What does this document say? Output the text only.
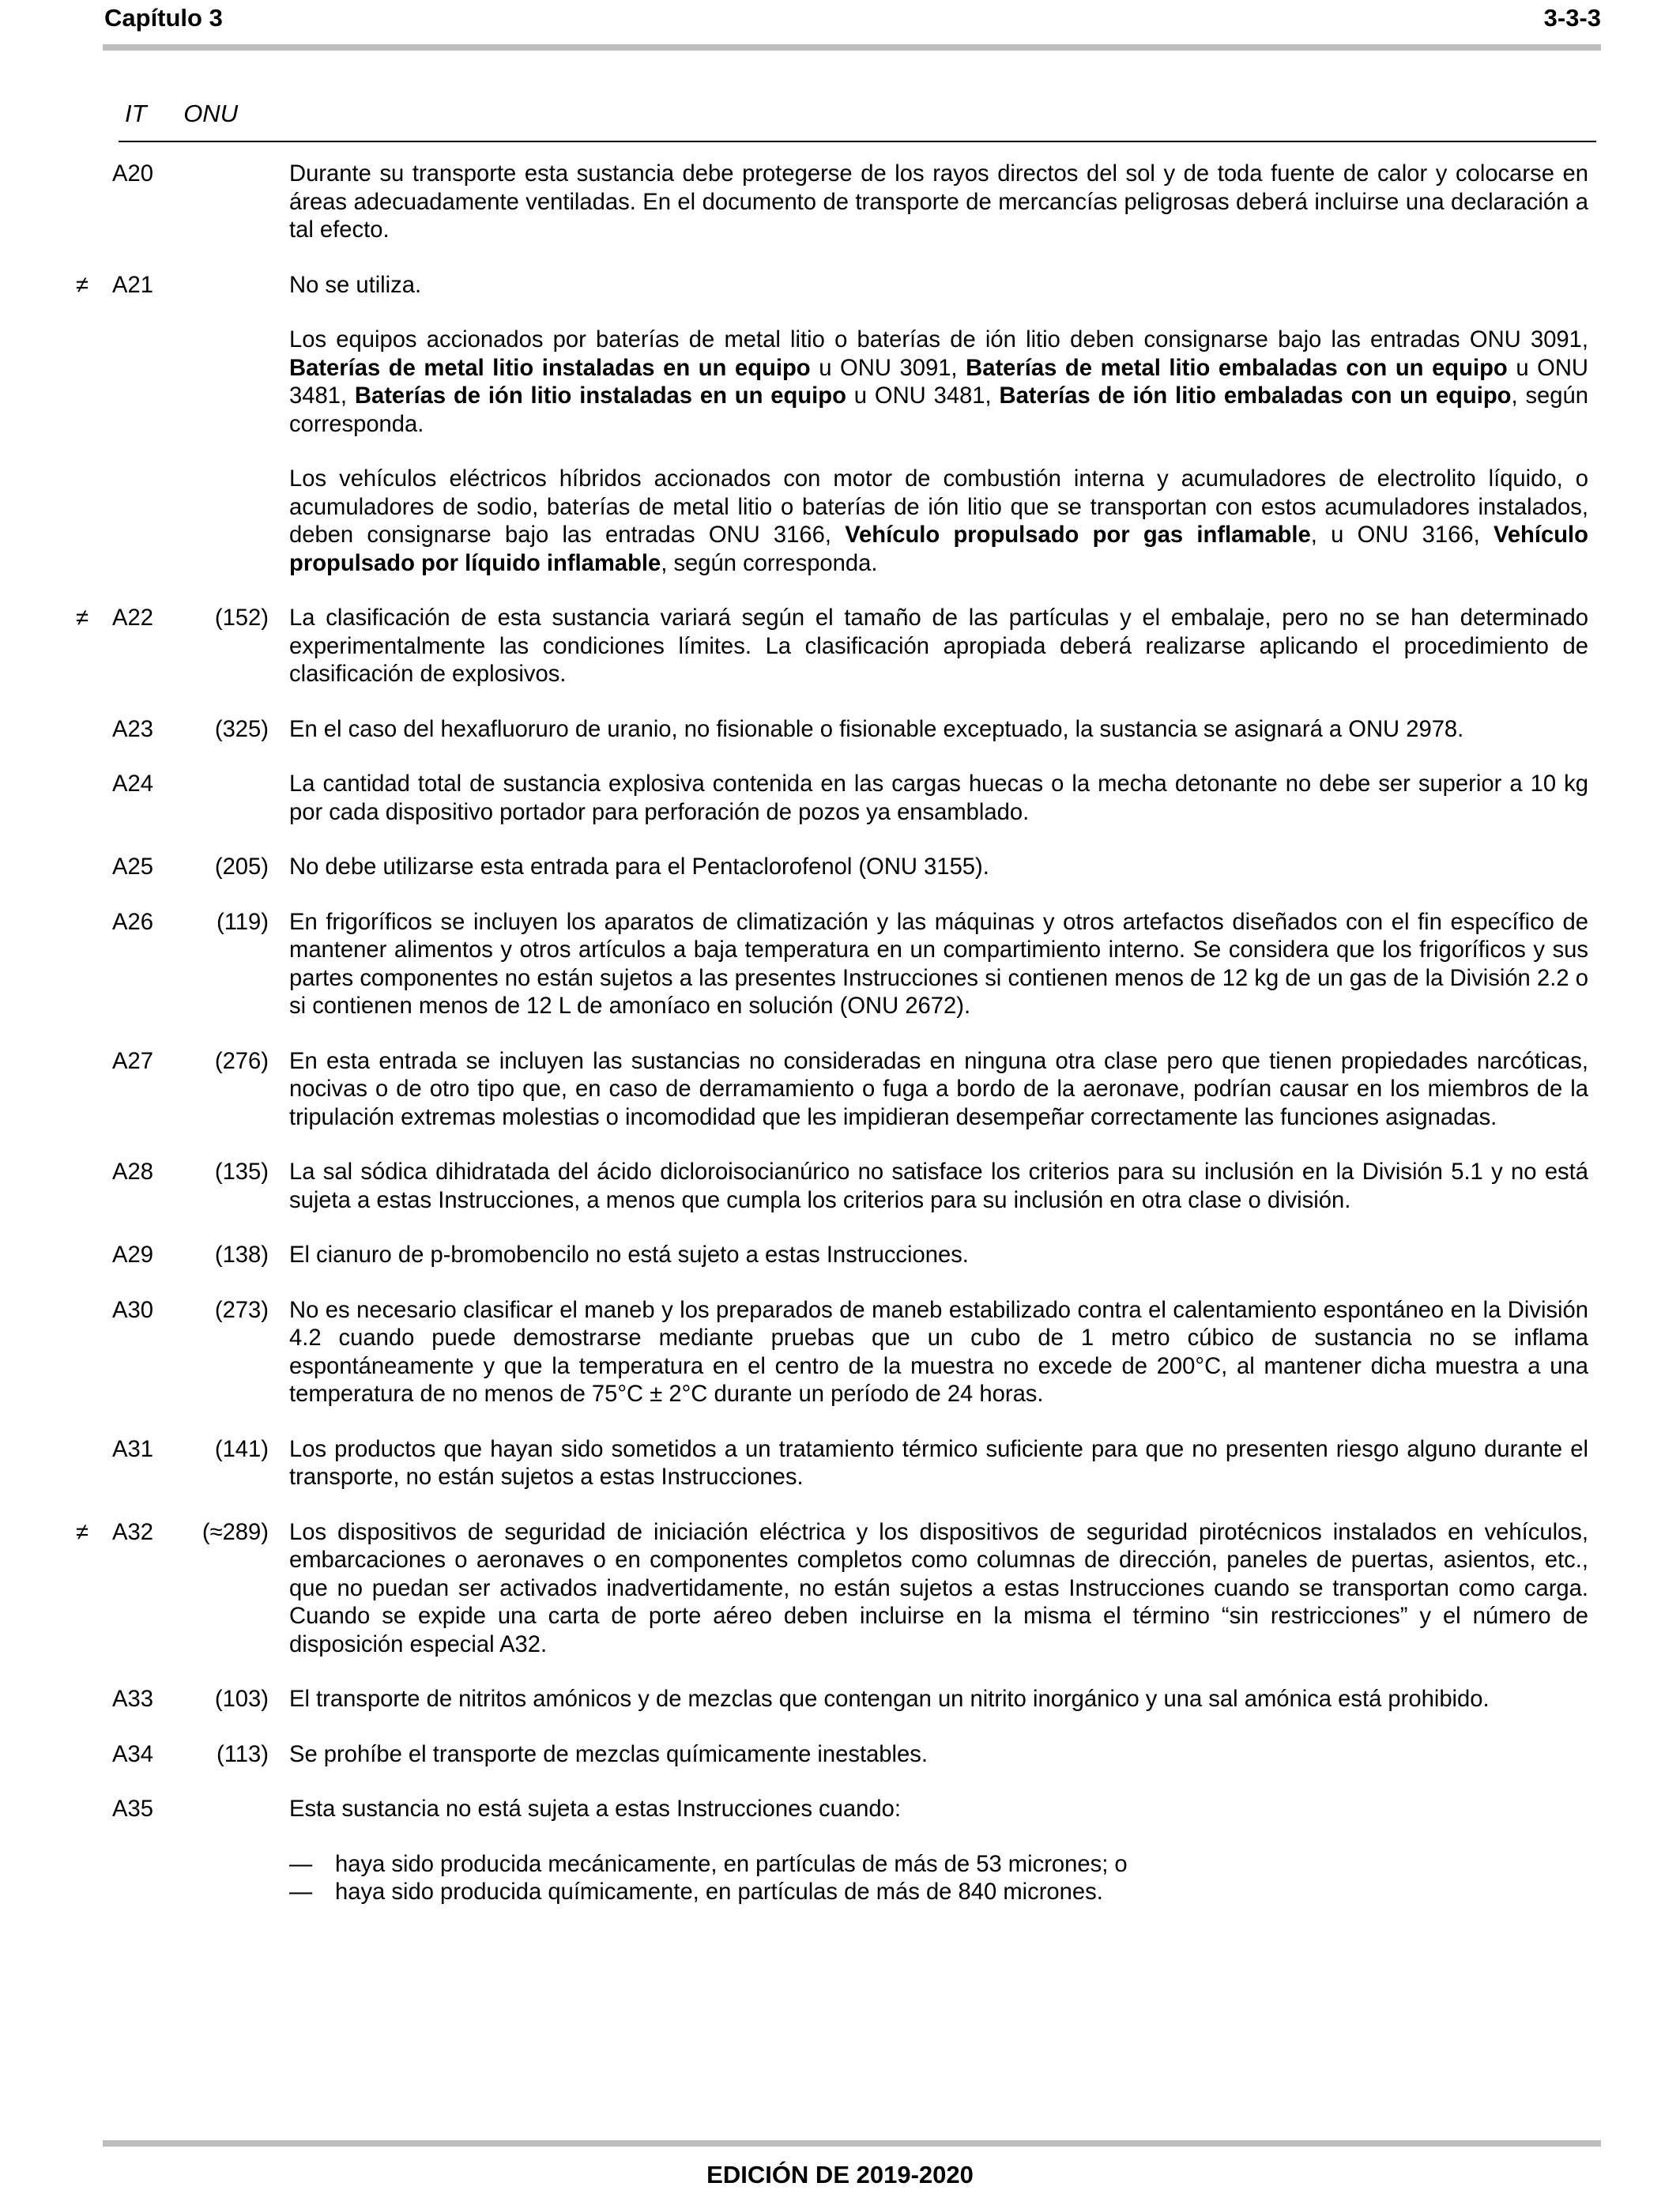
Capítulo 3	3-3-3
IT ONU
A20	Durante su transporte esta sustancia debe protegerse de los rayos directos del sol y de toda fuente de calor y colocarse en áreas adecuadamente ventiladas. En el documento de transporte de mercancías peligrosas deberá incluirse una declaración a tal efecto.

≠	A21	No se utiliza.

Los equipos accionados por baterías de metal litio o baterías de ión litio deben consignarse bajo las entradas ONU 3091, Baterías de metal litio instaladas en un equipo u ONU 3091, Baterías de metal litio embaladas con un equipo u ONU 3481, Baterías de ión litio instaladas en un equipo u ONU 3481, Baterías de ión litio embaladas con un equipo, según corresponda.

Los vehículos eléctricos híbridos accionados con motor de combustión interna y acumuladores de electrolito líquido, o acumuladores de sodio, baterías de metal litio o baterías de ión litio que se transportan con estos acumuladores instalados, deben consignarse bajo las entradas ONU 3166, Vehículo propulsado por gas inflamable, u ONU 3166, Vehículo propulsado por líquido inflamable, según corresponda.

≠	A22	(152) La clasificación de esta sustancia variará según el tamaño de las partículas y el embalaje, pero no se han determinado experimentalmente las condiciones límites. La clasificación apropiada deberá realizarse aplicando el procedimiento de clasificación de explosivos.

A23	(325) En el caso del hexafluoruro de uranio, no fisionable o fisionable exceptuado, la sustancia se asignará a ONU 2978.

A24	La cantidad total de sustancia explosiva contenida en las cargas huecas o la mecha detonante no debe ser superior a 10 kg por cada dispositivo portador para perforación de pozos ya ensamblado.

A25	(205) No debe utilizarse esta entrada para el Pentaclorofenol (ONU 3155).

A26	(119) En frigoríficos se incluyen los aparatos de climatización y las máquinas y otros artefactos diseñados con el fin específico de mantener alimentos y otros artículos a baja temperatura en un compartimiento interno. Se considera que los frigoríficos y sus partes componentes no están sujetos a las presentes Instrucciones si contienen menos de 12 kg de un gas de la División 2.2 o si contienen menos de 12 L de amoníaco en solución (ONU 2672).

A27	(276) En esta entrada se incluyen las sustancias no consideradas en ninguna otra clase pero que tienen propiedades narcóticas, nocivas o de otro tipo que, en caso de derramamiento o fuga a bordo de la aeronave, podrían causar en los miembros de la tripulación extremas molestias o incomodidad que les impidieran desempeñar correctamente las funciones asignadas.

A28	(135) La sal sódica dihidratada del ácido dicloroisocianúrico no satisface los criterios para su inclusión en la División 5.1 y no está sujeta a estas Instrucciones, a menos que cumpla los criterios para su inclusión en otra clase o división.

A29	(138) El cianuro de p-bromobencilo no está sujeto a estas Instrucciones.

A30	(273) No es necesario clasificar el maneb y los preparados de maneb estabilizado contra el calentamiento espontáneo en la División 4.2 cuando puede demostrarse mediante pruebas que un cubo de 1 metro cúbico de sustancia no se inflama espontáneamente y que la temperatura en el centro de la muestra no excede de 200°C, al mantener dicha muestra a una temperatura de no menos de 75°C ± 2°C durante un período de 24 horas.

A31	(141) Los productos que hayan sido sometidos a un tratamiento térmico suficiente para que no presenten riesgo alguno durante el transporte, no están sujetos a estas Instrucciones.

≠	A32	(≈289) Los dispositivos de seguridad de iniciación eléctrica y los dispositivos de seguridad pirotécnicos instalados en vehículos, embarcaciones o aeronaves o en componentes completos como columnas de dirección, paneles de puertas, asientos, etc., que no puedan ser activados inadvertidamente, no están sujetos a estas Instrucciones cuando se transportan como carga. Cuando se expide una carta de porte aéreo deben incluirse en la misma el término “sin restricciones” y el número de disposición especial A32.

A33	(103) El transporte de nitritos amónicos y de mezclas que contengan un nitrito inorgánico y una sal amónica está prohibido.

A34	(113) Se prohíbe el transporte de mezclas químicamente inestables.

A35	Esta sustancia no está sujeta a estas Instrucciones cuando:

— haya sido producida mecánicamente, en partículas de más de 53 micrones; o
— haya sido producida químicamente, en partículas de más de 840 micrones.
EDICIÓN DE 2019-2020
